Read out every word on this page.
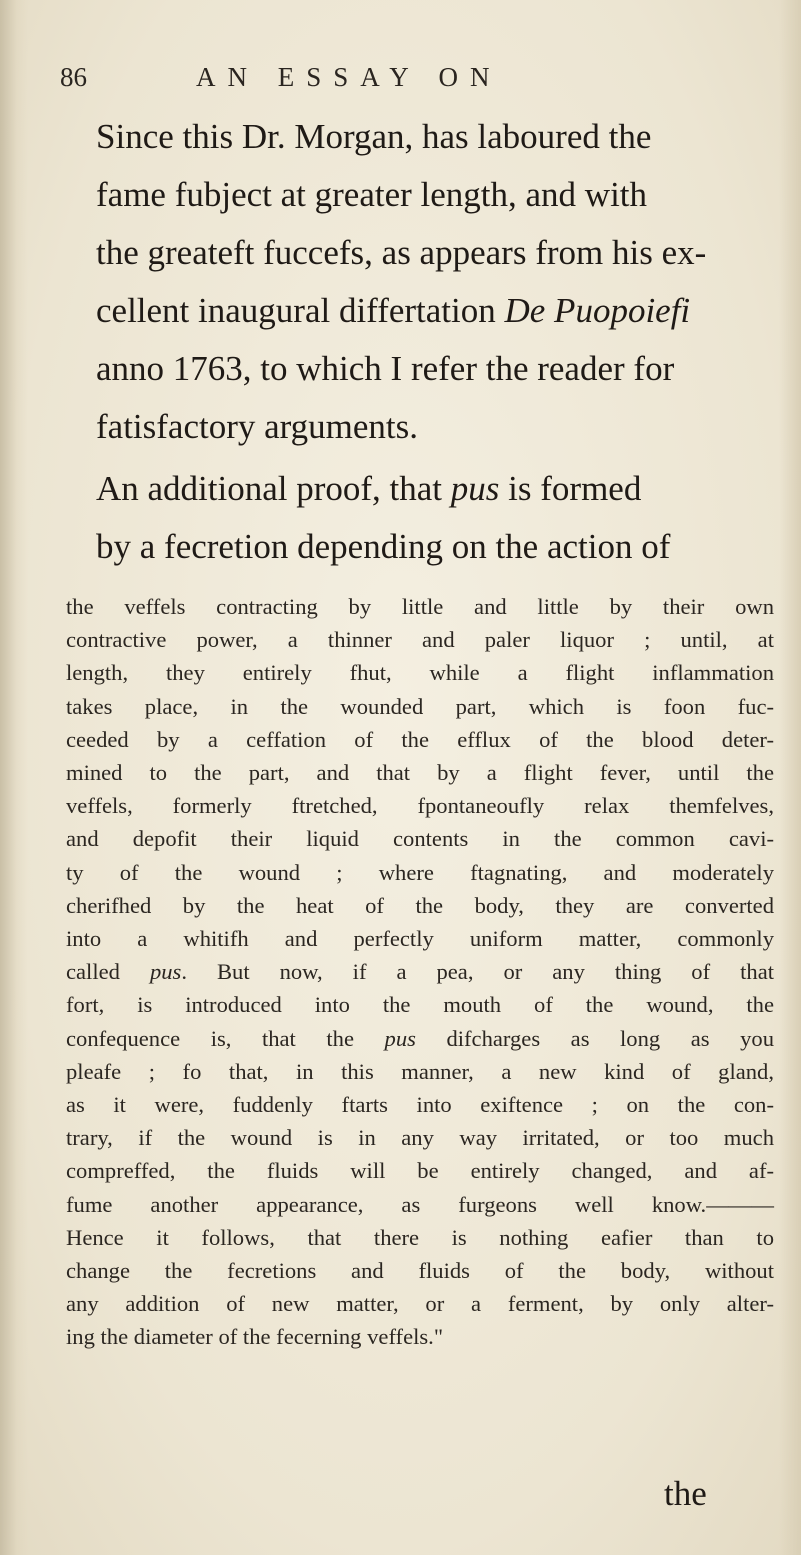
86	AN ESSAY ON
Since this Dr. Morgan, has laboured the
fame fubject at greater length, and with
the greateft fuccefs, as appears from his ex-
cellent inaugural differtation De Puopoiefi
anno 1763, to which I refer the reader for
fatisfactory arguments.
An additional proof, that pus is formed
by a fecretion depending on the action of
the veffels contracting by little and little by their own
contractive power, a thinner and paler liquor ; until, at
length, they entirely fhut, while a flight inflammation
takes place, in the wounded part, which is foon fuc-
ceeded by a ceffation of the efflux of the blood deter-
mined to the part, and that by a flight fever, until the
veffels, formerly ftretched, fpontaneoufly relax themfelves,
and depofit their liquid contents in the common cavi-
ty of the wound ; where ftagnating, and moderately
cherifhed by the heat of the body, they are converted
into a whitifh and perfectly uniform matter, commonly
called pus. But now, if a pea, or any thing of that
fort, is introduced into the mouth of the wound, the
confequence is, that the pus difcharges as long as you
pleafe ; fo that, in this manner, a new kind of gland,
as it were, fuddenly ftarts into exiftence ; on the con-
trary, if the wound is in any way irritated, or too much
compreffed, the fluids will be entirely changed, and af-
fume another appearance, as furgeons well know.———
Hence it follows, that there is nothing eafier than to
change the fecretions and fluids of the body, without
any addition of new matter, or a ferment, by only alter-
ing the diameter of the fecerning veffels."
the
